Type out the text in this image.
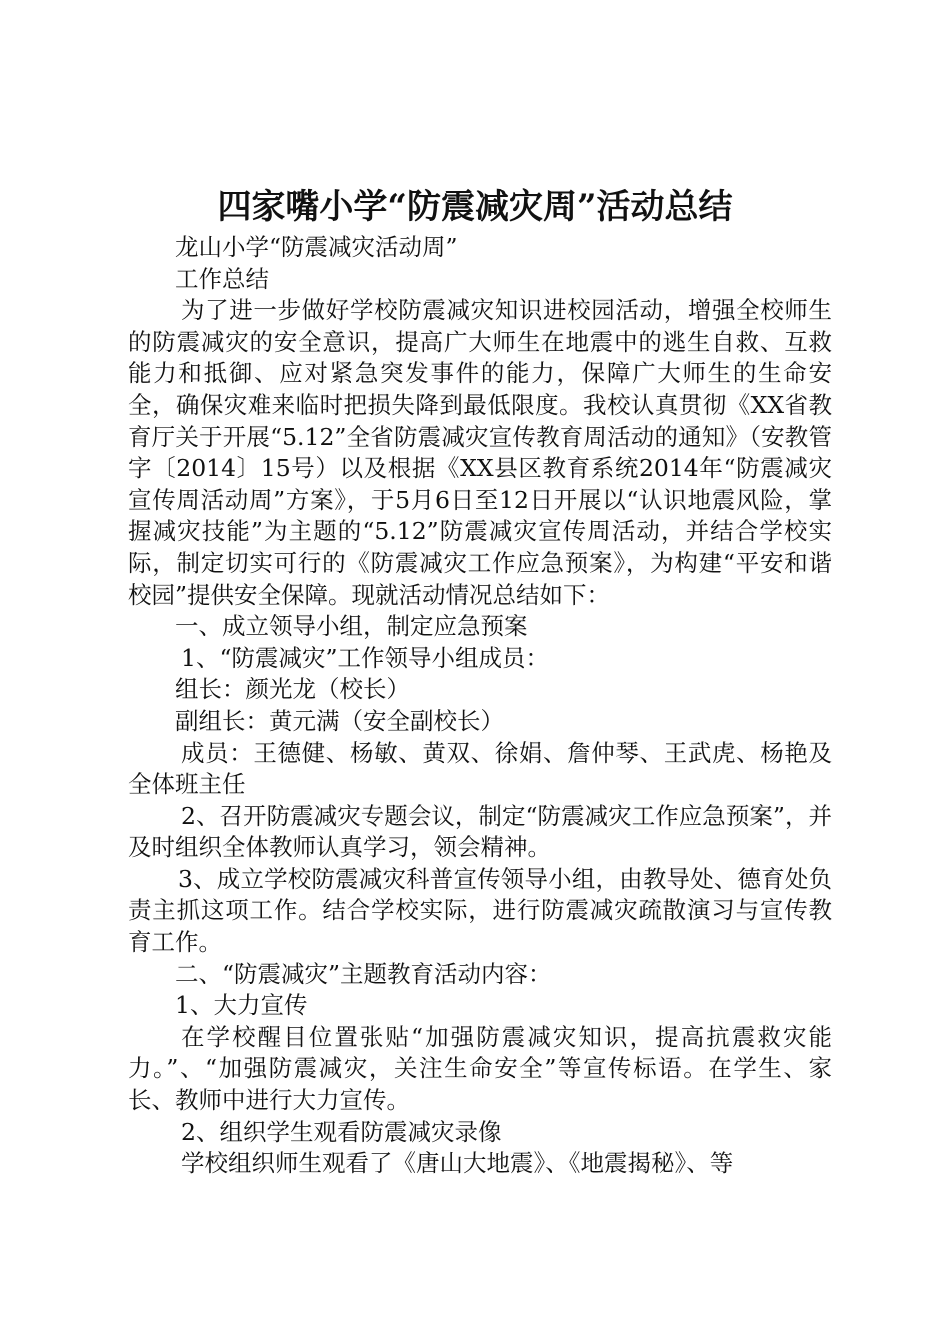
四家嘴小学“防震减灾周”活动总结

龙山小学“防震减灾活动周”

工作总结

为了进一步做好学校防震减灾知识进校园活动，增强全校师生的防震减灾的安全意识，提高广大师生在地震中的逃生自救、互救能力和抵御、应对紧急突发事件的能力，保障广大师生的生命安全，确保灾难来临时把损失降到最低限度。我校认真贯彻《XX省教育厅关于开展“5.12”全省防震减灾宣传教育周活动的通知》（安教管字〔2014〕15号）以及根据《XX县区教育系统2014年“防震减灾宣传周活动周”方案》，于5月6日至12日开展以“认识地震风险，掌握减灾技能”为主题的“5.12”防震减灾宣传周活动，并结合学校实际，制定切实可行的《防震减灾工作应急预案》，为构建“平安和谐校园”提供安全保障。现就活动情况总结如下：

一、成立领导小组，制定应急预案

1、“防震减灾”工作领导小组成员：

组长：颜光龙（校长）

副组长：黄元满（安全副校长）

成员：王德健、杨敏、黄双、徐娟、詹仲琴、王武虎、杨艳及全体班主任

2、召开防震减灾专题会议，制定“防震减灾工作应急预案”，并及时组织全体教师认真学习，领会精神。

3、成立学校防震减灾科普宣传领导小组，由教导处、德育处负责主抓这项工作。结合学校实际，进行防震减灾疏散演习与宣传教育工作。

二、“防震减灾”主题教育活动内容：

1、大力宣传

在学校醒目位置张贴“加强防震减灾知识，提高抗震救灾能力。”、“加强防震减灾，关注生命安全”等宣传标语。在学生、家长、教师中进行大力宣传。

2、组织学生观看防震减灾录像

学校组织师生观看了《唐山大地震》、《地震揭秘》、等
